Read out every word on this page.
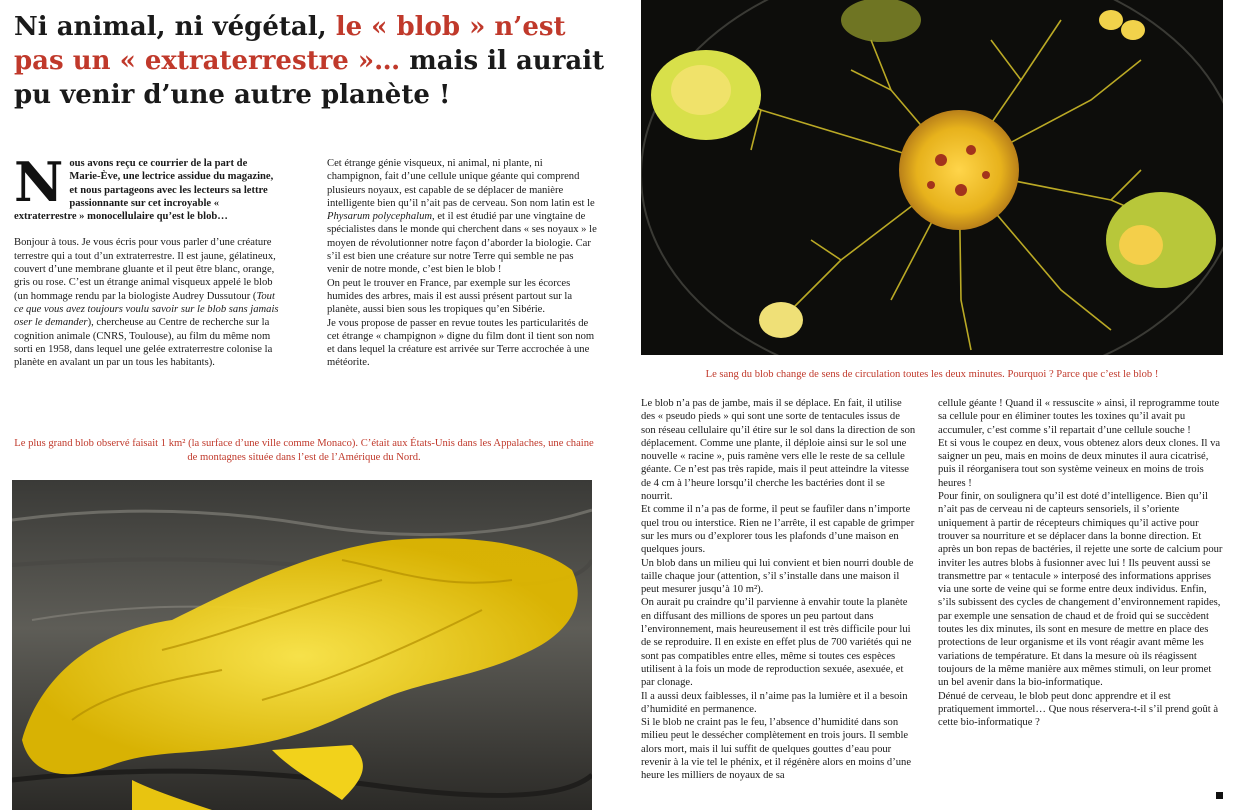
Ni animal, ni végétal, le « blob » n’est pas un « extraterrestre »… mais il aurait pu venir d’une autre planète !

Nous avons reçu ce courrier de la part de Marie-Ève, une lectrice assidue du magazine, et nous partageons avec les lecteurs sa lettre passionnante sur cet incroyable « extraterrestre » monocellulaire qu’est le blob…

Bonjour à tous. Je vous écris pour vous parler d’une créature terrestre qui a tout d’un extraterrestre. Il est jaune, gélatineux, couvert d’une membrane gluante et il peut être blanc, orange, gris ou rose. C’est un étrange animal visqueux appelé le blob (un hommage rendu par la biologiste Audrey Dussutour (Tout ce que vous avez toujours voulu savoir sur le blob sans jamais oser le demander), chercheuse au Centre de recherche sur la cognition animale (CNRS, Toulouse), au film du même nom sorti en 1958, dans lequel une gelée extraterrestre colonise la planète en avalant un par un tous les habitants).

Cet étrange génie visqueux, ni animal, ni plante, ni champignon, fait d’une cellule unique géante qui comprend plusieurs noyaux, est capable de se déplacer de manière intelligente bien qu’il n’ait pas de cerveau. Son nom latin est le Physarum polycephalum, et il est étudié par une vingtaine de spécialistes dans le monde qui cherchent dans « ses noyaux » le moyen de révolutionner notre façon d’aborder la biologie. Car s’il est bien une créature sur notre Terre qui semble ne pas venir de notre monde, c’est bien le blob !

On peut le trouver en France, par exemple sur les écorces humides des arbres, mais il est aussi présent partout sur la planète, aussi bien sous les tropiques qu’en Sibérie.

Je vous propose de passer en revue toutes les particularités de cet étrange « champignon » digne du film dont il tient son nom et dans lequel la créature est arrivée sur Terre accrochée à une météorite.

Le plus grand blob observé faisait 1 km² (la surface d’une ville comme Monaco). C’était aux États-Unis dans les Appalaches, une chaine de montagnes située dans l’est de l’Amérique du Nord.
Le sang du blob change de sens de circulation toutes les deux minutes. Pourquoi ? Parce que c’est le blob !

Le blob n’a pas de jambe, mais il se déplace. En fait, il utilise des « pseudo pieds » qui sont une sorte de tentacules issus de son réseau cellulaire qu’il étire sur le sol dans la direction de son déplacement. Comme une plante, il déploie ainsi sur le sol une nouvelle « racine », puis ramène vers elle le reste de sa cellule géante. Ce n’est pas très rapide, mais il peut atteindre la vitesse de 4 cm à l’heure lorsqu’il cherche les bactéries dont il se nourrit.

Et comme il n’a pas de forme, il peut se faufiler dans n’importe quel trou ou interstice. Rien ne l’arrête, il est capable de grimper sur les murs ou d’explorer tous les plafonds d’une maison en quelques jours.

Un blob dans un milieu qui lui convient et bien nourri double de taille chaque jour (attention, s’il s’installe dans une maison il peut mesurer jusqu’à 10 m²).

On aurait pu craindre qu’il parvienne à envahir toute la planète en diffusant des millions de spores un peu partout dans l’environnement, mais heureusement il est très difficile pour lui de se reproduire. Il en existe en effet plus de 700 variétés qui ne sont pas compatibles entre elles, même si toutes ces espèces utilisent à la fois un mode de reproduction sexuée, asexuée, et par clonage.

Il a aussi deux faiblesses, il n’aime pas la lumière et il a besoin d’humidité en permanence.

Si le blob ne craint pas le feu, l’absence d’humidité dans son milieu peut le dessécher complètement en trois jours. Il semble alors mort, mais il lui suffit de quelques gouttes d’eau pour revenir à la vie tel le phénix, et il régénère alors en moins d’une heure les milliers de noyaux de sa

cellule géante ! Quand il « ressuscite » ainsi, il reprogramme toute sa cellule pour en éliminer toutes les toxines qu’il avait pu accumuler, c’est comme s’il repartait d’une cellule souche !

Et si vous le coupez en deux, vous obtenez alors deux clones. Il va saigner un peu, mais en moins de deux minutes il aura cicatrisé, puis il réorganisera tout son système veineux en moins de trois heures !

Pour finir, on soulignera qu’il est doté d’intelligence. Bien qu’il n’ait pas de cerveau ni de capteurs sensoriels, il s’oriente uniquement à partir de récepteurs chimiques qu’il active pour trouver sa nourriture et se déplacer dans la bonne direction. Et après un bon repas de bactéries, il rejette une sorte de calcium pour inviter les autres blobs à fusionner avec lui ! Ils peuvent aussi se transmettre par « tentacule » interposé des informations apprises via une sorte de veine qui se forme entre deux individus. Enfin, s’ils subissent des cycles de changement d’environnement rapides, par exemple une sensation de chaud et de froid qui se succèdent toutes les dix minutes, ils sont en mesure de mettre en place des protections de leur organisme et ils vont réagir avant même les variations de température. Et dans la mesure où ils réagissent toujours de la même manière aux mêmes stimuli, on leur promet un bel avenir dans la bio-informatique.

Dénué de cerveau, le blob peut donc apprendre et il est pratiquement immortel… Que nous réservera-t-il s’il prend goût à cette bio-informatique ?
